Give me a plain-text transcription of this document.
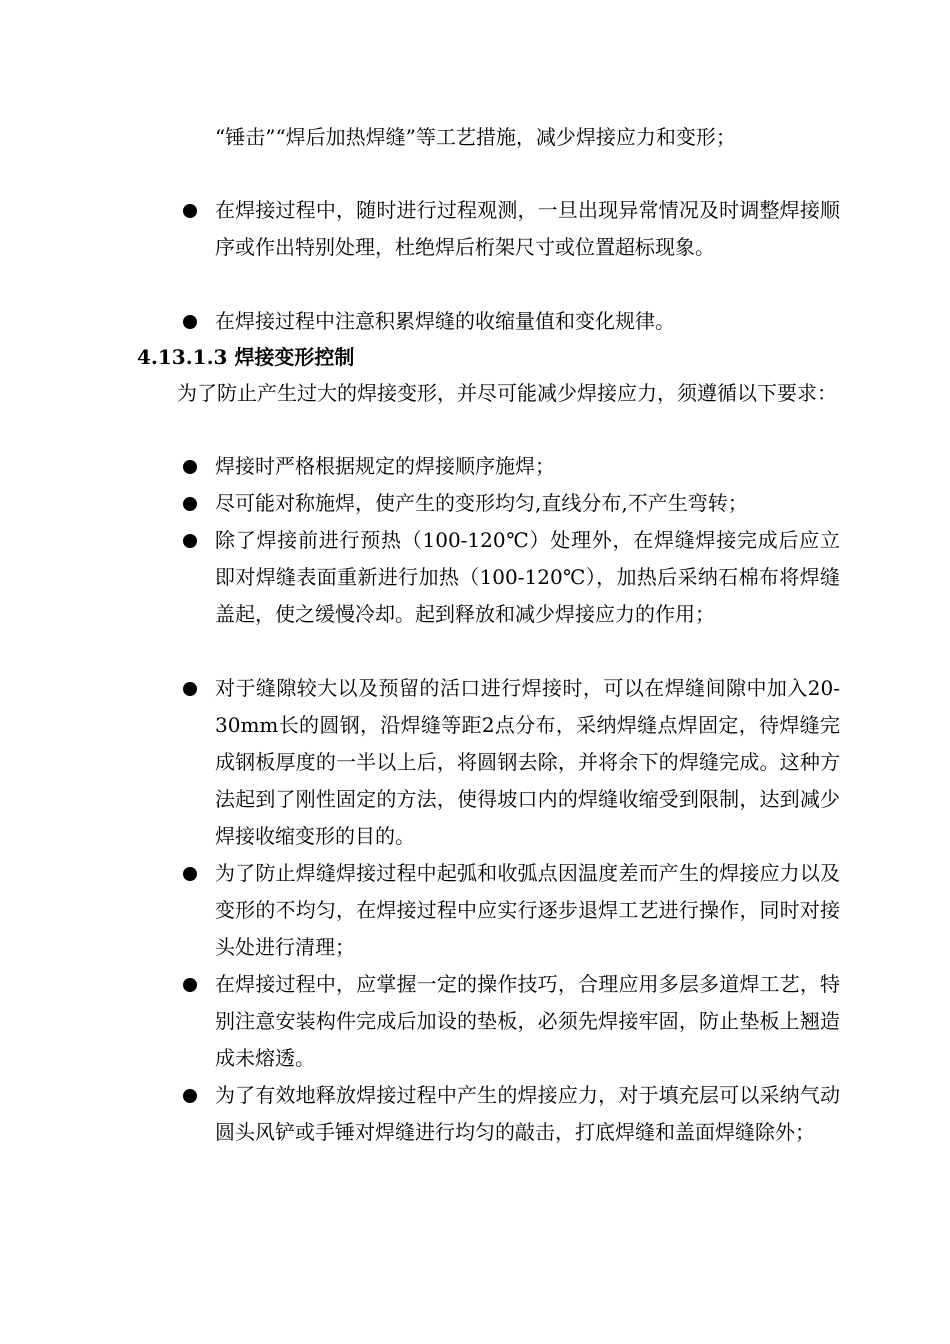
“锤击”“焊后加热焊缝”等工艺措施，减少焊接应力和变形；
在焊接过程中，随时进行过程观测，一旦出现异常情况及时调整焊接顺序或作出特别处理，杜绝焊后桁架尺寸或位置超标现象。
在焊接过程中注意积累焊缝的收缩量值和变化规律。
4.13.1.3 焊接变形控制
为了防止产生过大的焊接变形，并尽可能减少焊接应力，须遵循以下要求：
焊接时严格根据规定的焊接顺序施焊；
尽可能对称施焊，使产生的变形均匀,直线分布,不产生弯转；
除了焊接前进行预热（100-120℃）处理外，在焊缝焊接完成后应立即对焊缝表面重新进行加热（100-120℃），加热后采纳石棉布将焊缝盖起，使之缓慢冷却。起到释放和减少焊接应力的作用；
对于缝隙较大以及预留的活口进行焊接时，可以在焊缝间隙中加入20-30mm长的圆钢，沿焊缝等距2点分布，采纳焊缝点焊固定，待焊缝完成钢板厚度的一半以上后，将圆钢去除，并将余下的焊缝完成。这种方法起到了刚性固定的方法，使得坡口内的焊缝收缩受到限制，达到减少焊接收缩变形的目的。
为了防止焊缝焊接过程中起弧和收弧点因温度差而产生的焊接应力以及变形的不均匀，在焊接过程中应实行逐步退焊工艺进行操作，同时对接头处进行清理；
在焊接过程中，应掌握一定的操作技巧，合理应用多层多道焊工艺，特别注意安装构件完成后加设的垫板，必须先焊接牢固，防止垫板上翘造成未熔透。
为了有效地释放焊接过程中产生的焊接应力，对于填充层可以采纳气动圆头风铲或手锤对焊缝进行均匀的敲击，打底焊缝和盖面焊缝除外；
